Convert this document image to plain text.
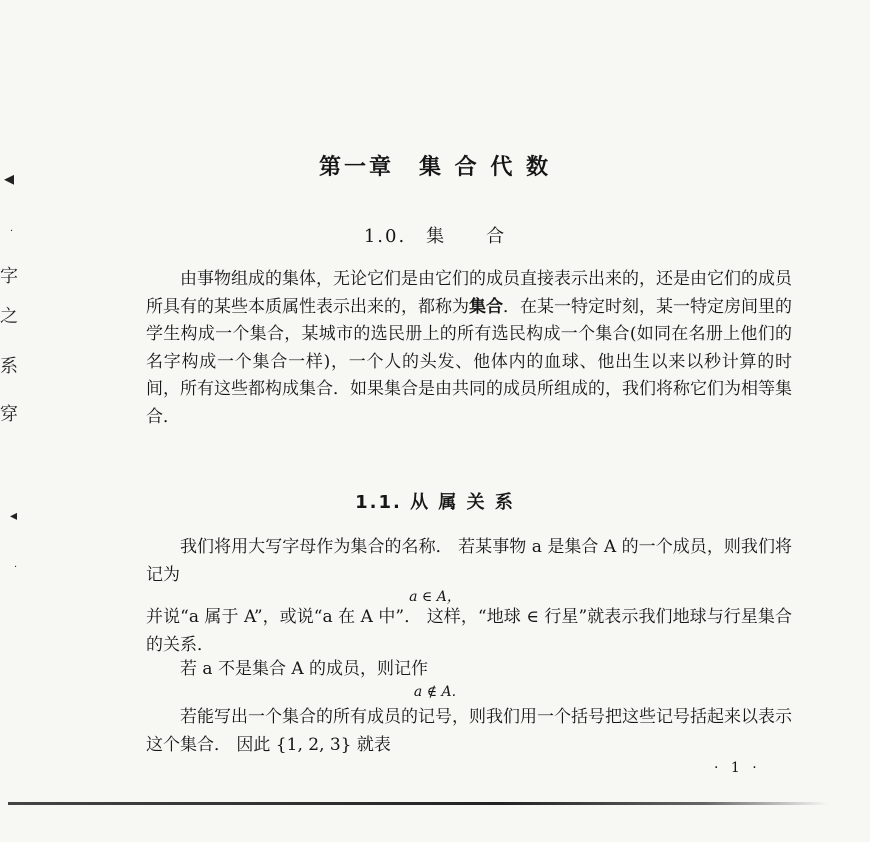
◂
·
字
之
系
穿
◂
·
第一章　集 合 代 数
1.0.　集　　合

由事物组成的集体，无论它们是由它们的成员直接表示出来的，还是由它们的成员所具有的某些本质属性表示出来的，都称为集合．在某一特定时刻，某一特定房间里的学生构成一个集合，某城市的选民册上的所有选民构成一个集合(如同在名册上他们的名字构成一个集合一样)，一个人的头发、他体内的血球、他出生以来以秒计算的时间，所有这些都构成集合．如果集合是由共同的成员所组成的，我们将称它们为相等集合．

1.1. 从 属 关 系

我们将用大写字母作为集合的名称． 若某事物 a 是集合 A 的一个成员，则我们将记为

a ∈ A，

并说“a 属于 A”，或说“a 在 A 中”． 这样，“地球 ∈ 行星”就表示我们地球与行星集合的关系．

若 a 不是集合 A 的成员，则记作

a ∉ A.

若能写出一个集合的所有成员的记号，则我们用一个括号把这些记号括起来以表示这个集合． 因此 {1, 2, 3} 就表

· 1 ·
